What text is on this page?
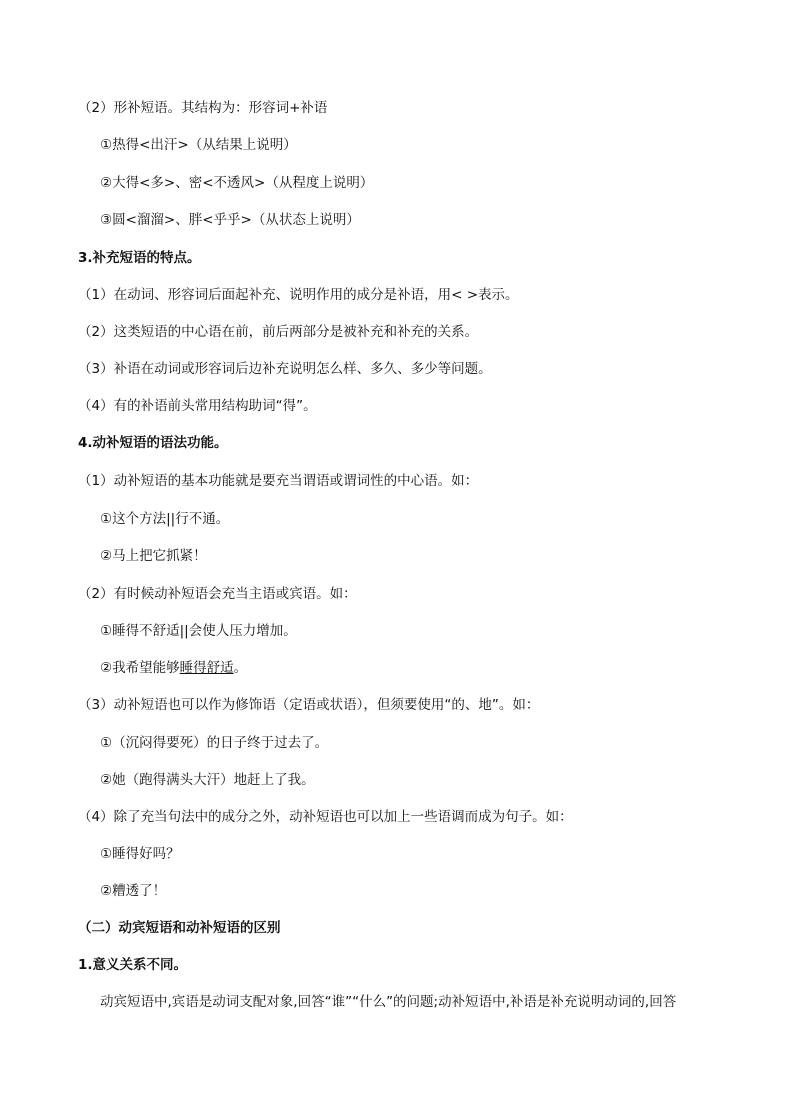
（2）形补短语。其结构为：形容词+补语
①热得<出汗>（从结果上说明）
②大得<多>、密<不透风>（从程度上说明）
③圆<溜溜>、胖<乎乎>（从状态上说明）
3.补充短语的特点。
（1）在动词、形容词后面起补充、说明作用的成分是补语，用< >表示。
（2）这类短语的中心语在前，前后两部分是被补充和补充的关系。
（3）补语在动词或形容词后边补充说明怎么样、多久、多少等问题。
（4）有的补语前头常用结构助词“得”。
4.动补短语的语法功能。
（1）动补短语的基本功能就是要充当谓语或谓词性的中心语。如：
①这个方法||行不通。
②马上把它抓紧！
（2）有时候动补短语会充当主语或宾语。如：
①睡得不舒适||会使人压力增加。
②我希望能够睡得舒适。
（3）动补短语也可以作为修饰语（定语或状语），但须要使用“的、地”。如：
①（沉闷得要死）的日子终于过去了。
②她（跑得满头大汗）地赶上了我。
（4）除了充当句法中的成分之外，动补短语也可以加上一些语调而成为句子。如：
①睡得好吗？
②糟透了！
（二）动宾短语和动补短语的区别
1.意义关系不同。
动宾短语中,宾语是动词支配对象,回答“谁”“什么”的问题;动补短语中,补语是补充说明动词的,回答
